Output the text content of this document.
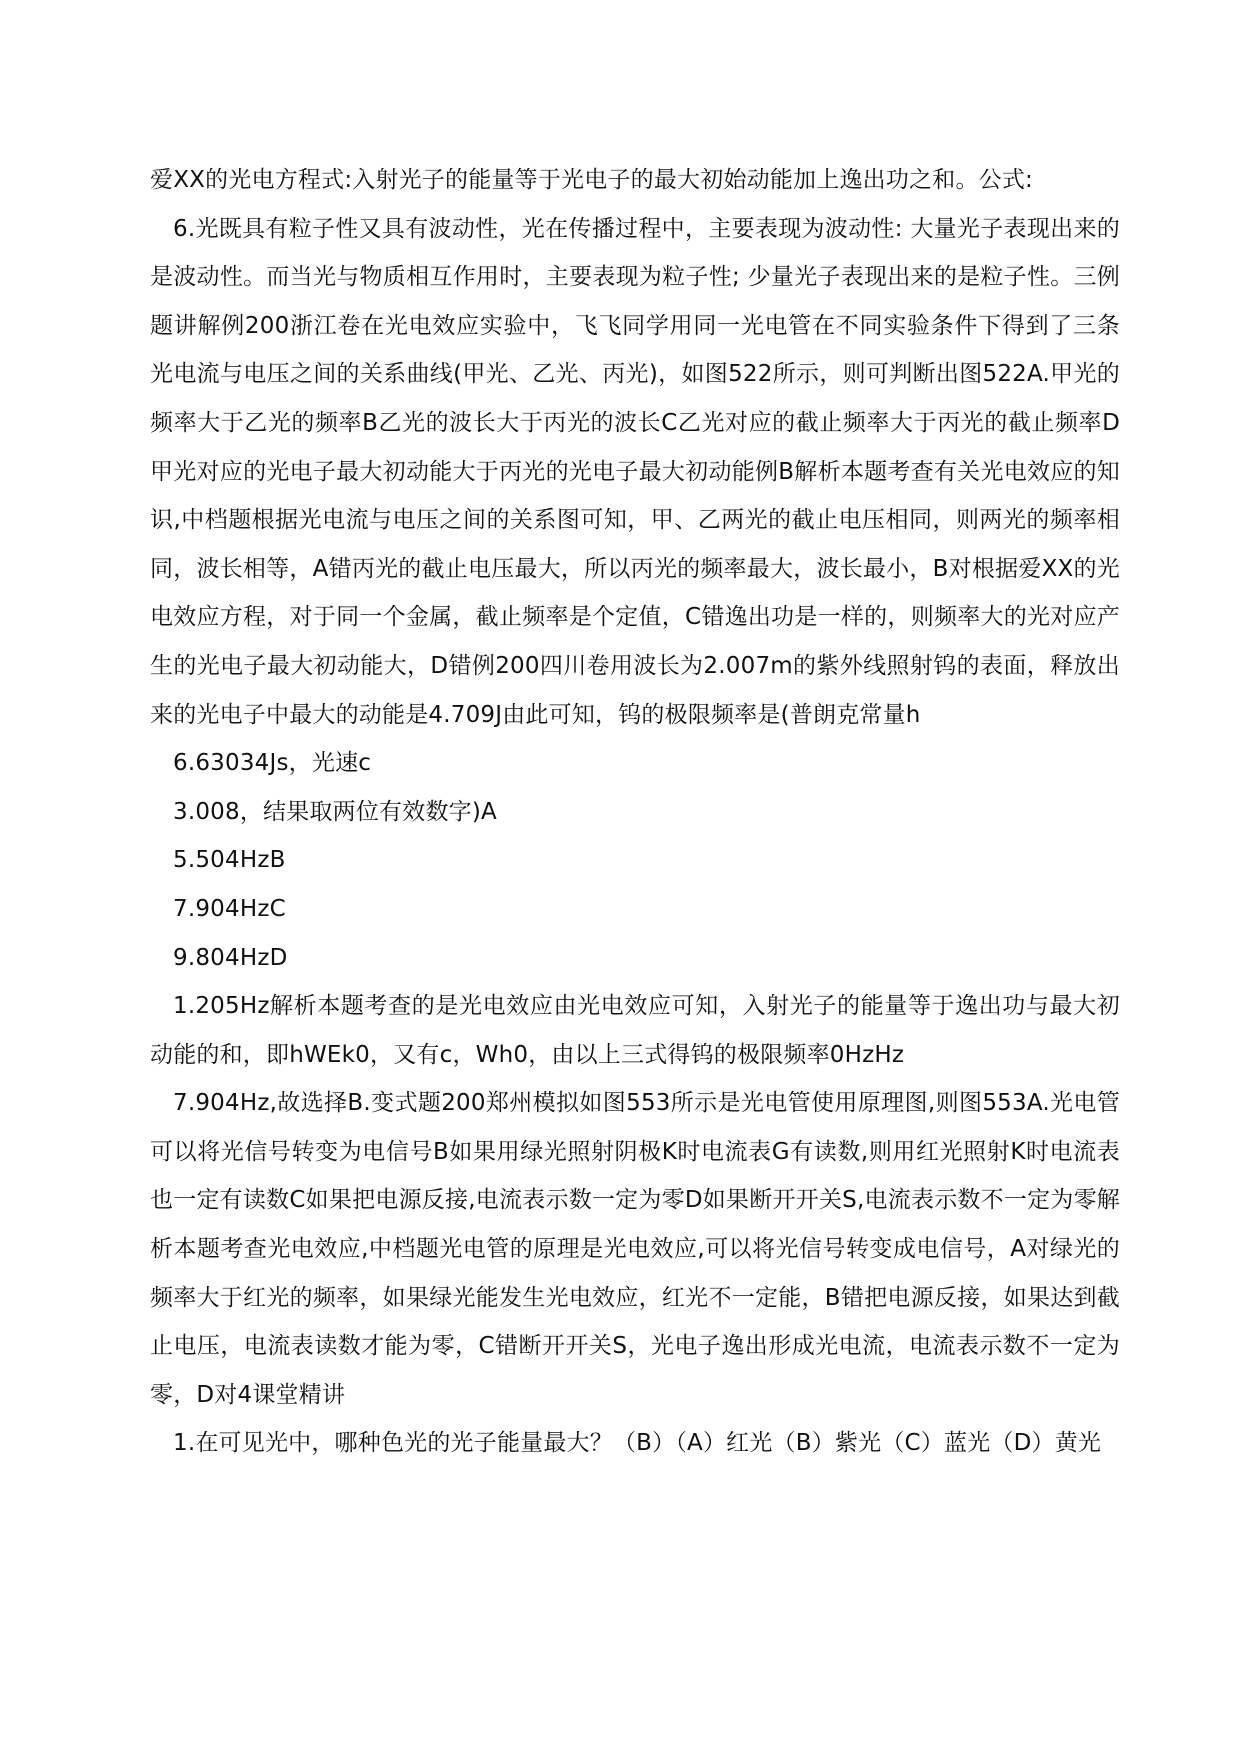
爱XX的光电方程式:入射光子的能量等于光电子的最大初始动能加上逸出功之和。公式:

6.光既具有粒子性又具有波动性，光在传播过程中，主要表现为波动性: 大量光子表现出来的是波动性。而当光与物质相互作用时，主要表现为粒子性; 少量光子表现出来的是粒子性。三例题讲解例200浙江卷在光电效应实验中，飞飞同学用同一光电管在不同实验条件下得到了三条光电流与电压之间的关系曲线(甲光、乙光、丙光)，如图522所示，则可判断出图522A.甲光的频率大于乙光的频率B乙光的波长大于丙光的波长C乙光对应的截止频率大于丙光的截止频率D甲光对应的光电子最大初动能大于丙光的光电子最大初动能例B解析本题考查有关光电效应的知识,中档题根据光电流与电压之间的关系图可知，甲、乙两光的截止电压相同，则两光的频率相同，波长相等，A错丙光的截止电压最大，所以丙光的频率最大，波长最小，B对根据爱XX的光电效应方程，对于同一个金属，截止频率是个定值，C错逸出功是一样的，则频率大的光对应产生的光电子最大初动能大，D错例200四川卷用波长为2.007m的紫外线照射钨的表面，释放出来的光电子中最大的动能是4.709J由此可知，钨的极限频率是(普朗克常量h

6.63034Js，光速c

3.008，结果取两位有效数字)A

5.504HzB

7.904HzC

9.804HzD

1.205Hz解析本题考查的是光电效应由光电效应可知，入射光子的能量等于逸出功与最大初动能的和，即hWEk0，又有c，Wh0，由以上三式得钨的极限频率0HzHz

7.904Hz,故选择B.变式题200郑州模拟如图553所示是光电管使用原理图,则图553A.光电管可以将光信号转变为电信号B如果用绿光照射阴极K时电流表G有读数,则用红光照射K时电流表也一定有读数C如果把电源反接,电流表示数一定为零D如果断开开关S,电流表示数不一定为零解析本题考查光电效应,中档题光电管的原理是光电效应,可以将光信号转变成电信号，A对绿光的频率大于红光的频率，如果绿光能发生光电效应，红光不一定能，B错把电源反接，如果达到截止电压，电流表读数才能为零，C错断开开关S，光电子逸出形成光电流，电流表示数不一定为零，D对4课堂精讲

1.在可见光中，哪种色光的光子能量最大？（B）（A）红光（B）紫光（C）蓝光（D）黄光
